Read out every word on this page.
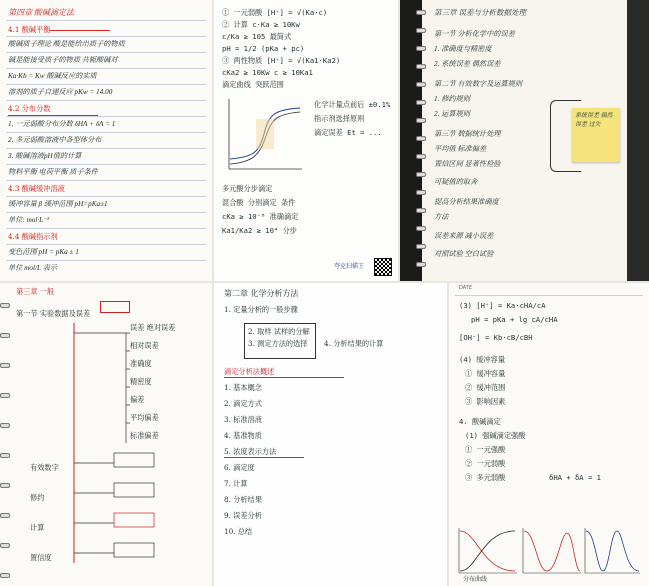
第四章 酸碱滴定法
4.1 酸碱平衡
酸碱质子理论 酸是能给出质子的物质
碱是能接受质子的物质 共轭酸碱对
Ka·Kb = Kw 酸碱反应的实质
溶剂的质子自递反应 pKw = 14.00
4.2 分布分数
1. 一元弱酸分布分数 δHA + δA = 1
2. 多元弱酸溶液中各型体分布
3. 酸碱溶液pH值的计算
物料平衡 电荷平衡 质子条件
4.3 酸碱缓冲溶液
缓冲容量 β 缓冲范围 pH=pKa±1
单位: mol·L⁻¹
4.4 酸碱指示剂
变色范围 pH = pKa ± 1
单位 mol/L 表示
① 一元弱酸 [H⁺] = √(Ka·c)
② 计算 c·Ka ≥ 10Kw
c/Ka ≥ 105 最简式
pH = 1/2 (pKa + pc)
③ 两性物质 [H⁺] = √(Ka1·Ka2)
cKa2 ≥ 10Kw c ≥ 10Ka1
滴定曲线 突跃范围
化学计量点前后 ±0.1%
指示剂选择原则
滴定误差 Et = ...
多元酸分步滴定
混合酸 分别滴定 条件
cKa ≥ 10⁻⁸ 准确滴定
Ka1/Ka2 ≥ 10⁴ 分步
夸克扫描王
第三章 误差与分析数据处理
第一节 分析化学中的误差
1. 准确度与精密度
2. 系统误差 偶然误差
第二节 有效数字及运算规则
1. 修约规则
2. 运算规则
第三节 数据统计处理
平均值 标准偏差
置信区间 显著性检验
可疑值的取舍
提高分析结果准确度
方法
误差来源 减小误差
对照试验 空白试验
系统误差 偶然误差 过失
第三章 一般
第一节 实验数据及误差
误差 绝对误差
相对误差
准确度
精密度
偏差
平均偏差
标准偏差
有效数字
修约
计算
置信度
第二章 化学分析方法
1. 定量分析的一般步骤
2. 取样 试样的分解
3. 测定方法的选择 4. 分析结果的计算
滴定分析法概述
1. 基本概念
2. 滴定方式
3. 标准溶液
4. 基准物质
5. 浓度表示方法
6. 滴定度
7. 计算
8. 分析结果
9. 误差分析
10. 总结
DATE
(3) [H⁺] = Ka·cHA/cA
pH = pKa + lg cA/cHA
[OH⁻] = Kb·cB/cBH
(4) 缓冲容量
① 缓冲容量
② 缓冲范围
③ 影响因素
4. 酸碱滴定
(1) 强碱滴定强酸
① 一元强酸
② 一元弱酸
③ 多元弱酸	δHA + δA = 1
分布曲线
